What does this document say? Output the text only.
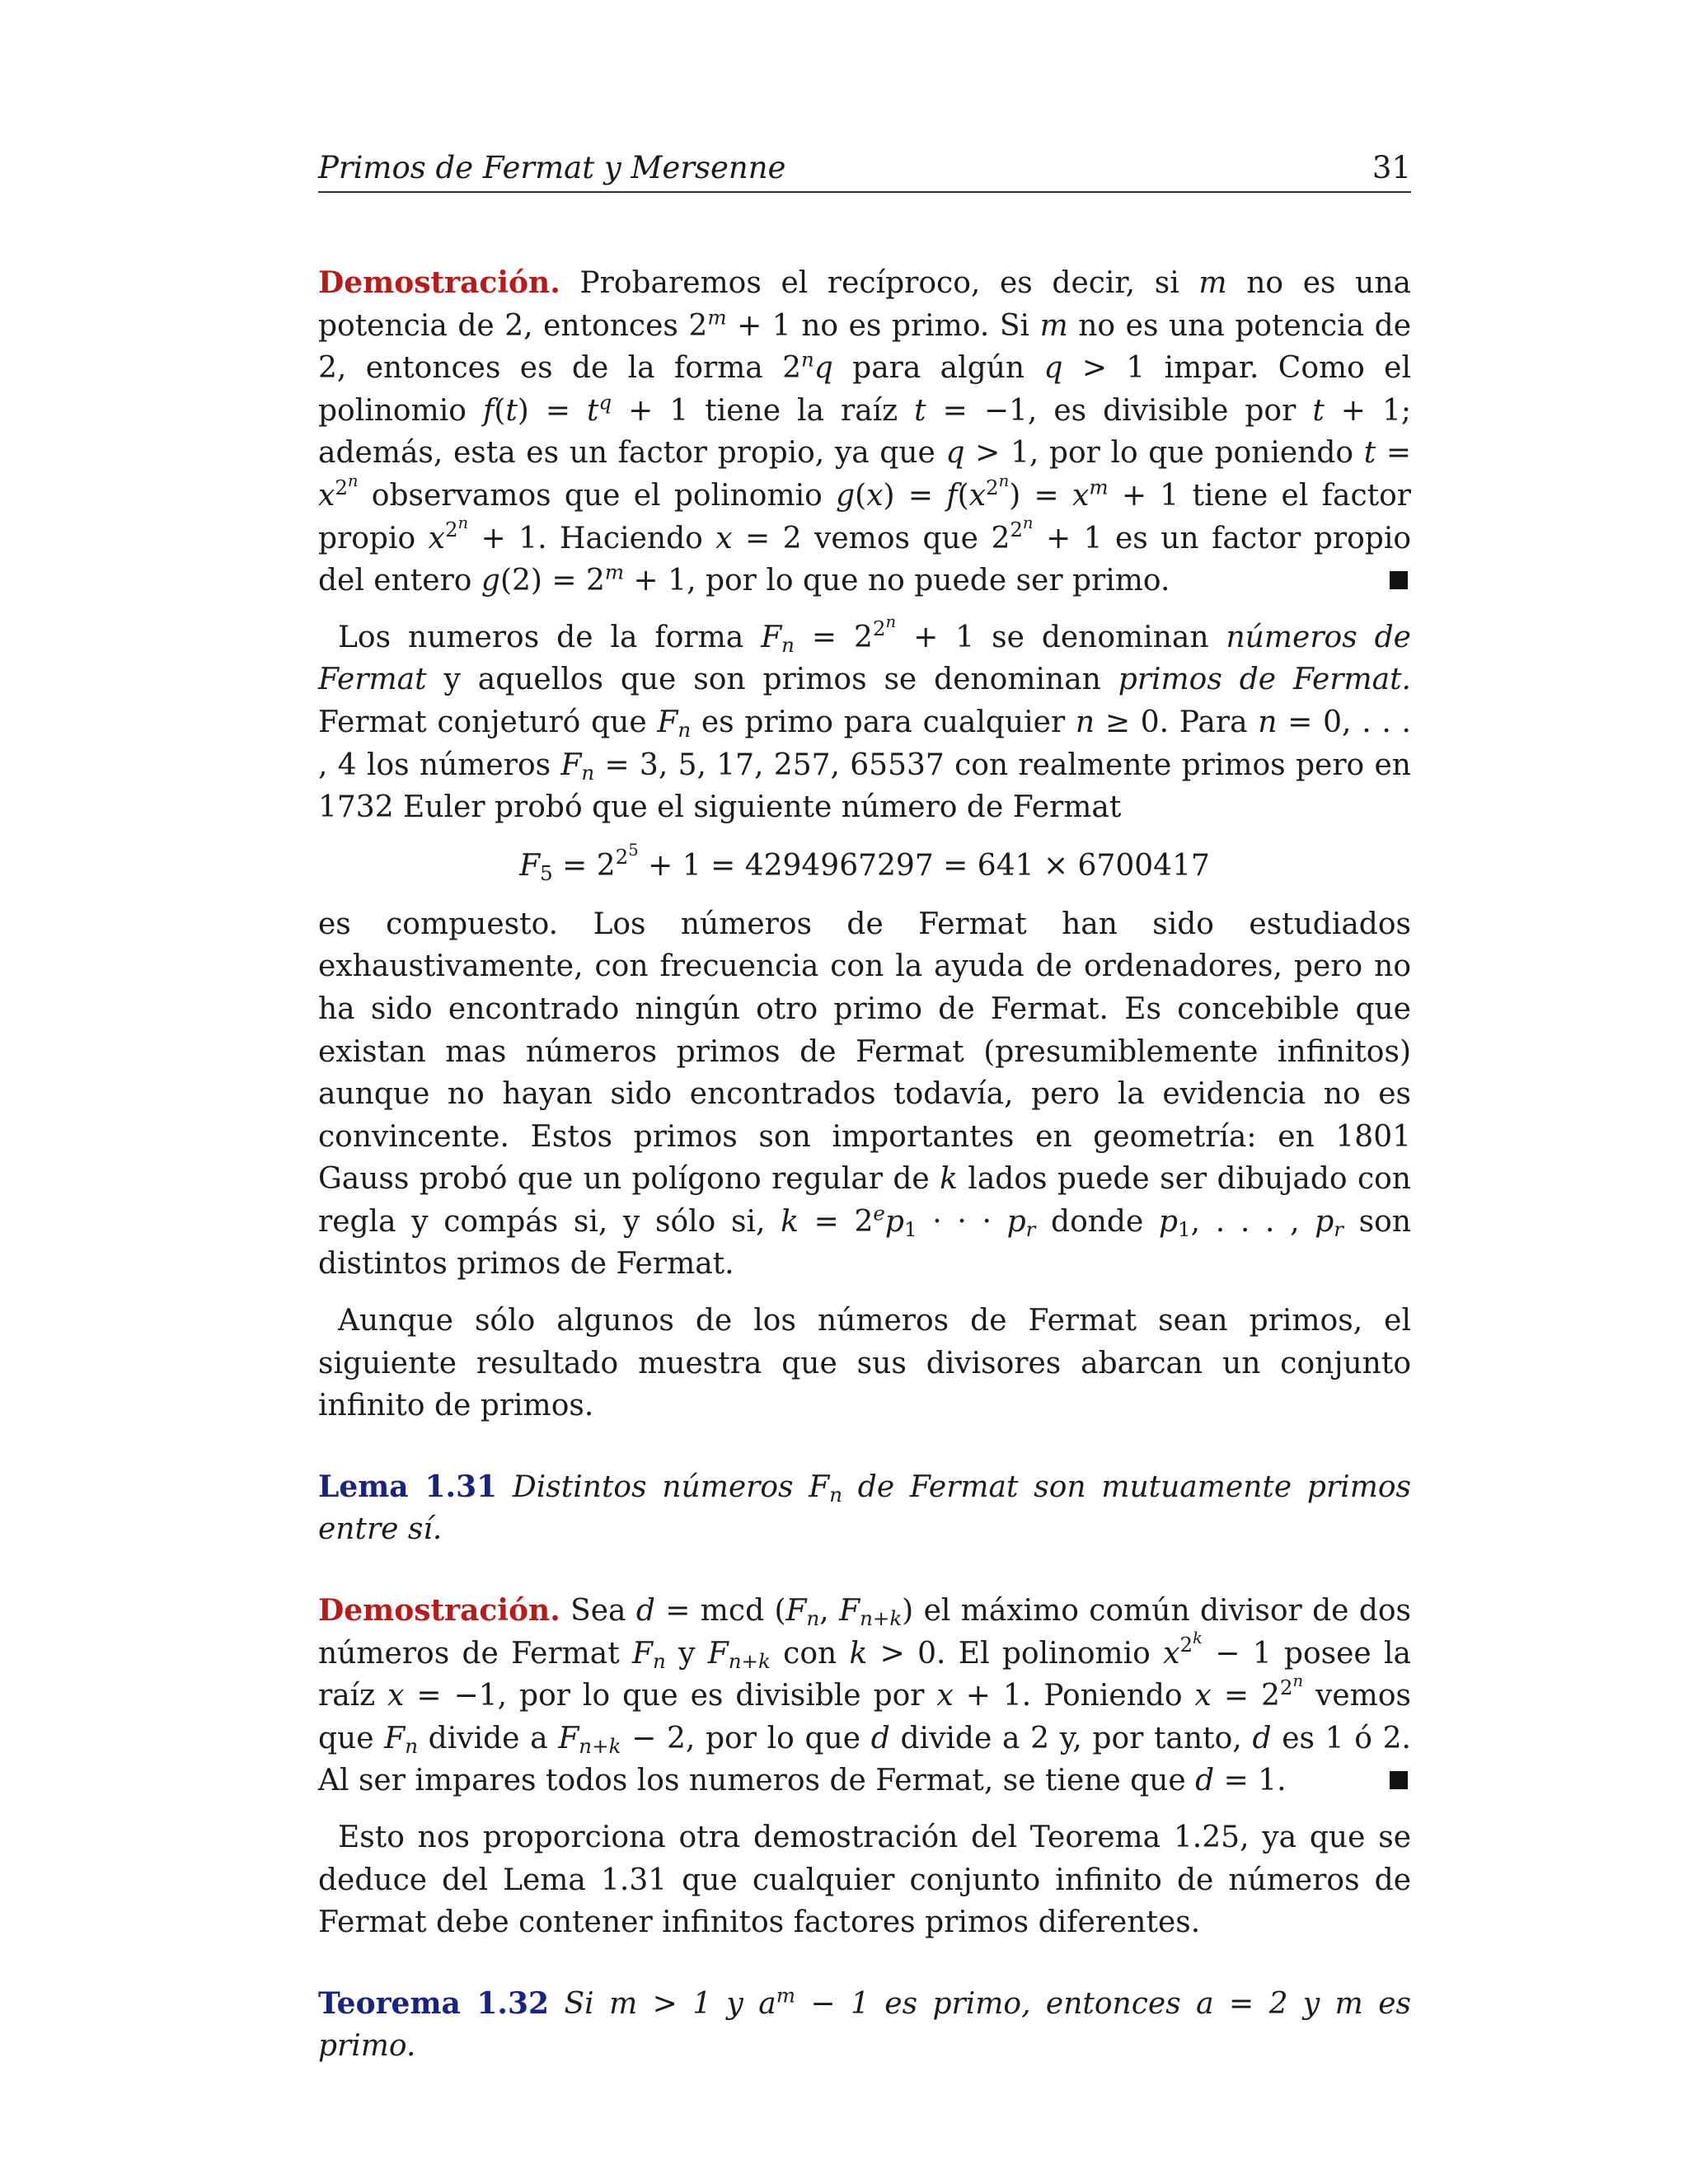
Primos de Fermat y Mersenne	31

Demostración. Probaremos el recíproco, es decir, si m no es una potencia de 2, entonces $2^m + 1$ no es primo. Si m no es una potencia de 2, entonces es de la forma 2$^n$q para algún q > 1 impar. Como el polinomio $f(t) = t^q + 1$ tiene la raíz t = −1, es divisible por t + 1; además, esta es un factor propio, ya que q > 1, por lo que poniendo $t = x^{2^n}$ observamos que el polinomio $g(x) = f(x^{2^n}) = x^m + 1$ tiene el factor propio $x^{2^n} + 1$. Haciendo x = 2 vemos que $2^{2^n} + 1$ es un factor propio del entero $g(2) = 2^m + 1$, por lo que no puede ser primo.

Los numeros de la forma $F_n = 2^{2^n} + 1$ se denominan números de Fermat y aquellos que son primos se denominan primos de Fermat. Fermat conjeturó que $F_n$ es primo para cualquier n ≥ 0. Para n = 0, . . . , 4 los números $F_n = 3$, 5, 17, 257, 65537 con realmente primos pero en 1732 Euler probó que el siguiente número de Fermat

$F_5 = 2^{2^5} + 1 = 4294967297 = 641 \times 6700417$

es compuesto. Los números de Fermat han sido estudiados exhaustivamente, con frecuencia con la ayuda de ordenadores, pero no ha sido encontrado ningún otro primo de Fermat. Es concebible que existan mas números primos de Fermat (presumiblemente infinitos) aunque no hayan sido encontrados todavía, pero la evidencia no es convincente. Estos primos son importantes en geometría: en 1801 Gauss probó que un polígono regular de k lados puede ser dibujado con regla y compás si, y sólo si, $k = 2^ep_1$ · · · $p_r$ donde $p_1$, . . . , $p_r$ son distintos primos de Fermat.

Aunque sólo algunos de los números de Fermat sean primos, el siguiente resultado muestra que sus divisores abarcan un conjunto infinito de primos.

Lema 1.31 Distintos números $F_n$ de Fermat son mutuamente primos entre sí.

Demostración. Sea d = mcd ($F_n$, $F_{n+k}$) el máximo común divisor de dos números de Fermat $F_n$ y $F_{n+k}$ con k > 0. El polinomio $x^{2^k} - 1$ posee la raíz x = −1, por lo que es divisible por x + 1. Poniendo $x = 2^{2^n}$ vemos que $F_n$ divide a $F_{n+k} - 2$, por lo que d divide a 2 y, por tanto, d es 1 ó 2. Al ser impares todos los numeros de Fermat, se tiene que d = 1.

Esto nos proporciona otra demostración del Teorema 1.25, ya que se deduce del Lema 1.31 que cualquier conjunto infinito de números de Fermat debe contener infinitos factores primos diferentes.

Teorema 1.32 Si m > 1 y $a^m - 1$ es primo, entonces a = 2 y m es primo.
